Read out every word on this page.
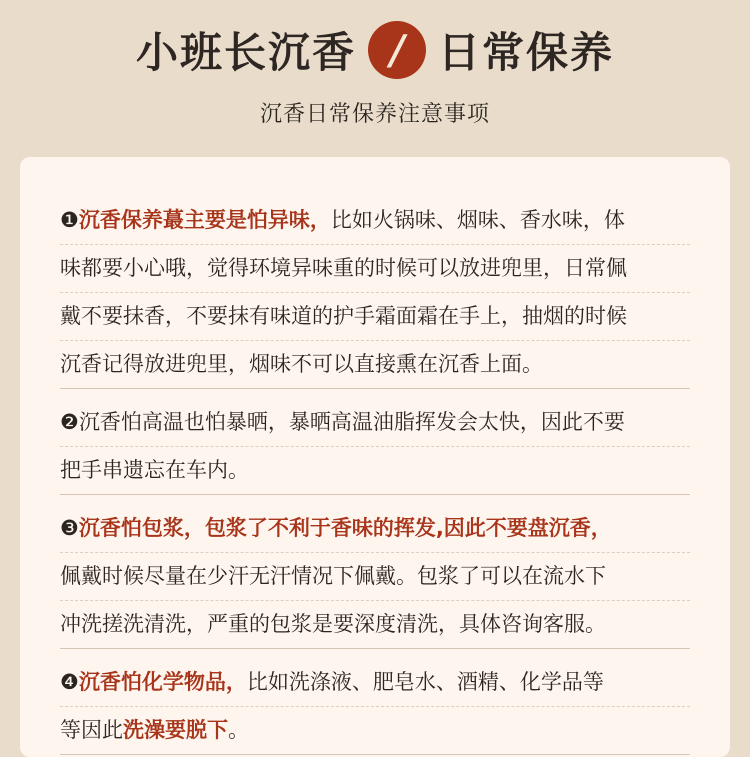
小班长沉香 / 日常保养
沉香日常保养注意事项
❶沉香保养蕞主要是怕异味，比如火锅味、烟味、香水味，体
味都要小心哦，觉得环境异味重的时候可以放进兜里，日常佩
戴不要抹香，不要抹有味道的护手霜面霜在手上，抽烟的时候
沉香记得放进兜里，烟味不可以直接熏在沉香上面。
❷沉香怕高温也怕暴晒，暴晒高温油脂挥发会太快，因此不要
把手串遗忘在车内。
❸沉香怕包浆，包浆了不利于香味的挥发,因此不要盘沉香，
佩戴时候尽量在少汗无汗情况下佩戴。包浆了可以在流水下
冲洗搓洗清洗，严重的包浆是要深度清洗，具体咨询客服。
❹沉香怕化学物品，比如洗涤液、肥皂水、酒精、化学品等
等因此洗澡要脱下。
